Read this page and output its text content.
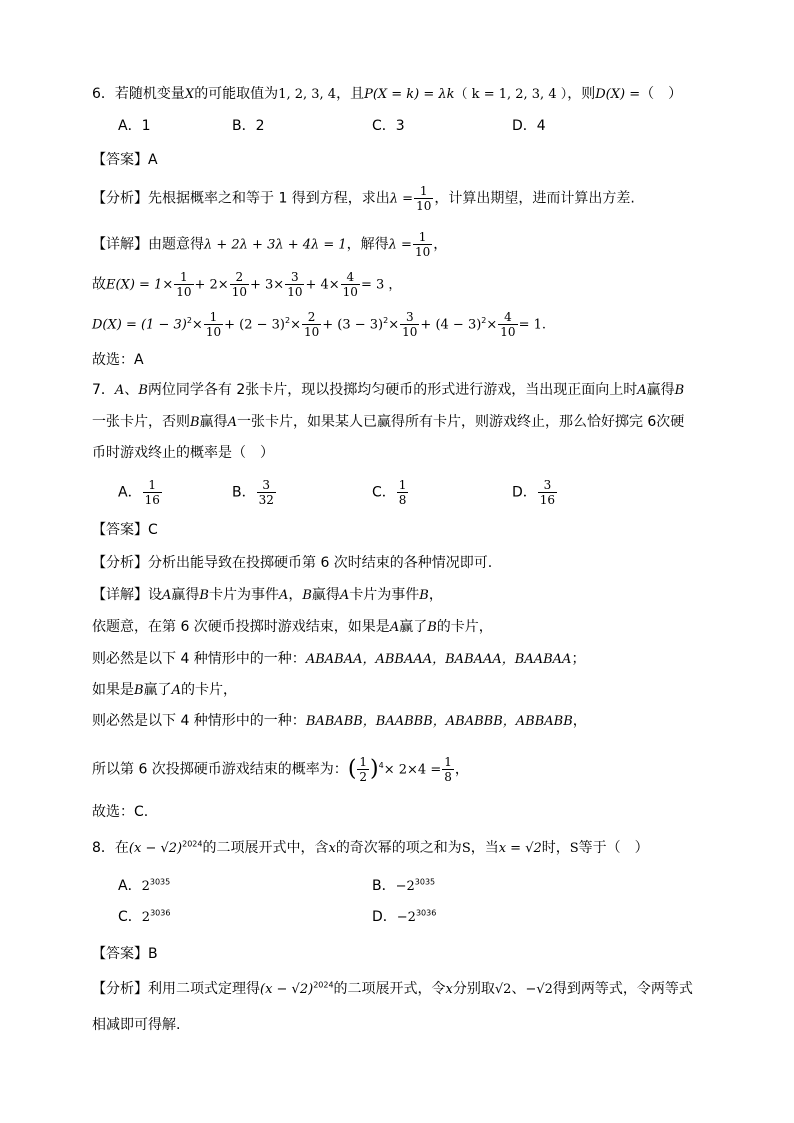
6．若随机变量X的可能取值为1, 2, 3, 4，且P(X = k) = λk（ k = 1, 2, 3, 4 ），则D(X) =（　）
A．1	B．2	C．3	D．4
【答案】A
【分析】先根据概率之和等于 1 得到方程，求出$\lambda = \frac{1}{10}$ ，计算出期望，进而计算出方差.
【详解】由题意得λ + 2λ + 3λ + 4λ = 1，解得$\lambda = \frac{1}{10}$ ，
故$E(X) = 1\times \frac{1}{10} + 2\times \frac{2}{10} + 3\times \frac{3}{10} + 4\times \frac{4}{10} = 3$ ，
$D(X) = (1 - 3)^2\times \frac{1}{10} + (2 - 3)^2\times \frac{2}{10} + (3 - 3)^2\times \frac{3}{10} + (4 - 3)^2\times \frac{4}{10} = 1$.
故选：A
7．A、B两位同学各有 2张卡片，现以投掷均匀硬币的形式进行游戏，当出现正面向上时A赢得B
一张卡片，否则B赢得A一张卡片，如果某人已赢得所有卡片，则游戏终止，那么恰好掷完 6次硬
币时游戏终止的概率是（　）
A． $\frac{1}{16}$	B． $\frac{3}{32}$	C． $\frac{1}{8}$	D． $\frac{3}{16}$
【答案】C
【分析】分析出能导致在投掷硬币第 6 次时结束的各种情况即可.
【详解】设A赢得B卡片为事件A，B赢得A卡片为事件B，
依题意，在第 6 次硬币投掷时游戏结束，如果是A赢了B的卡片，
则必然是以下 4 种情形中的一种：ABABAA，ABBAAA，BABAAA，BAABAA；
如果是B赢了A的卡片，
则必然是以下 4 种情形中的一种：BABABB，BAABBB，ABABBB，ABBABB，
所以第 6 次投掷硬币游戏结束的概率为：( $\frac{1}{2} )^4\times 2\times 4 = \frac{1}{8}$ ，
故选：C.
8．在$(x - √2)^{2024}$的二项展开式中，含x的奇次幂的项之和为S，当x = √2时，S等于（　）
A．$2^{3035}$	B．$-2^{3035}$
C．$2^{3036}$	D．$-2^{3036}$
【答案】B
【分析】利用二项式定理得$(x - √2)^{2024}$的二项展开式，令x分别取√2、−√2得到两等式，令两等式
相减即可得解.
